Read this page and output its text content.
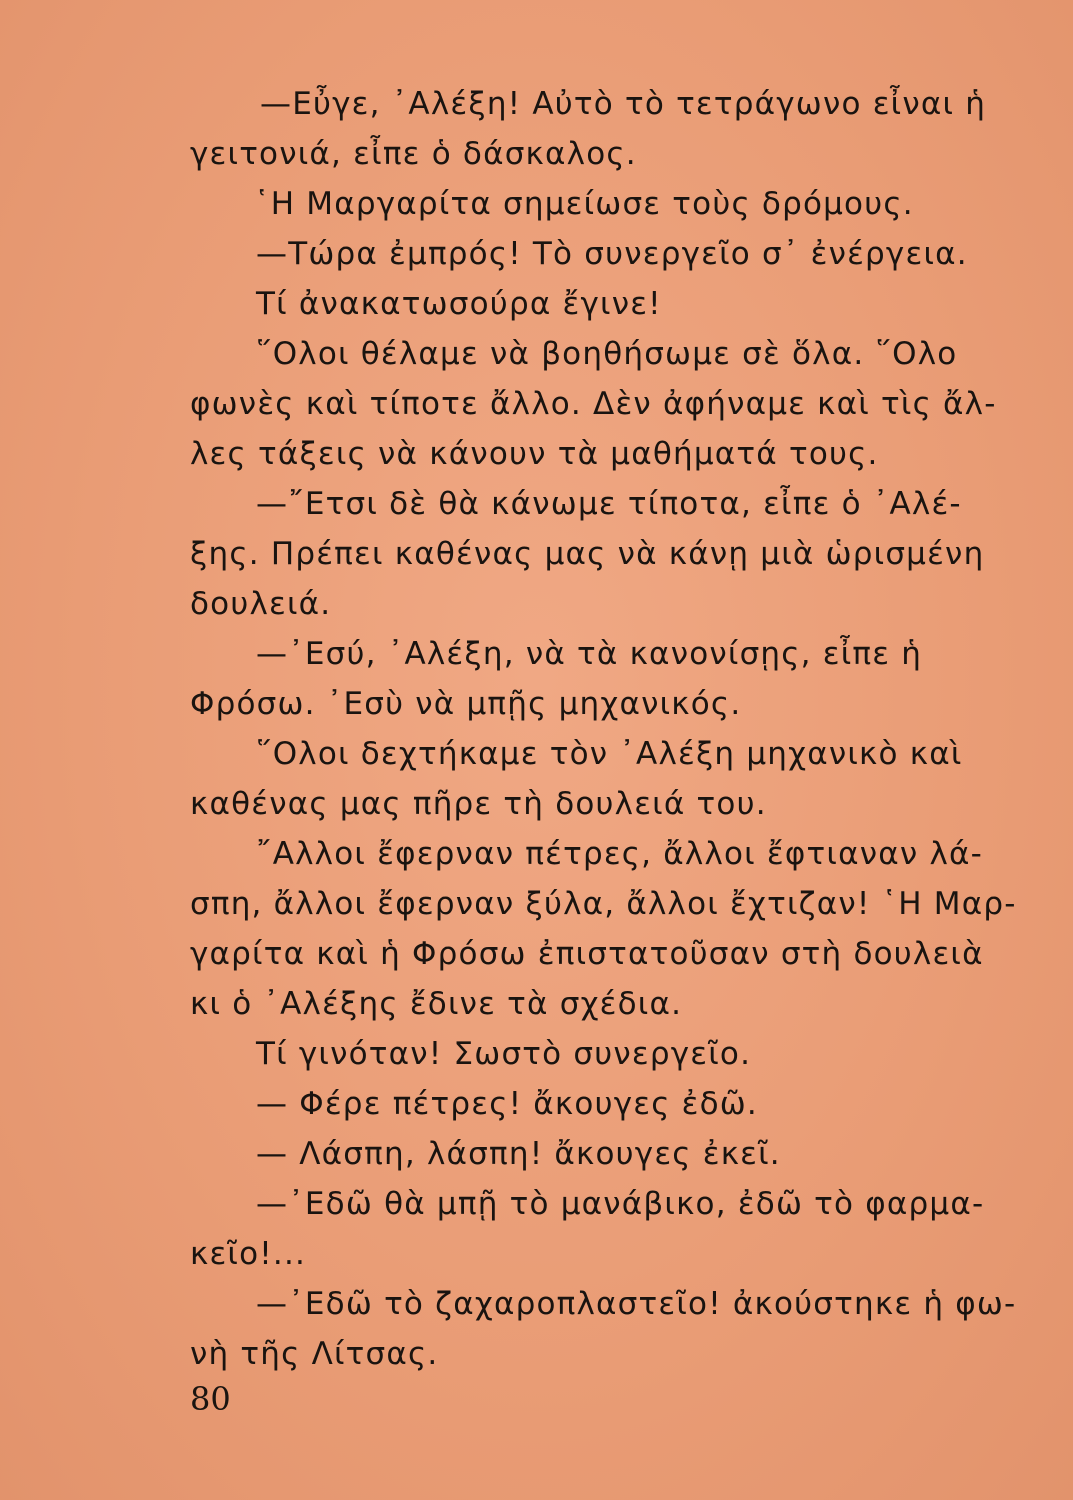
—Εὖγε, ᾿Αλέξη! Αὐτὸ τὸ τετράγωνο εἶναι ἡ
γειτονιά, εἶπε ὁ δάσκαλος.
῾Η Μαργαρίτα σημείωσε τοὺς δρόμους.
—Τώρα ἐμπρός! Τὸ συνεργεῖο σ᾿ ἐνέργεια.
Τί ἀνακατωσούρα ἔγινε!
῞Ολοι θέλαμε νὰ βοηθήσωμε σὲ ὅλα. ῞Ολο
φωνὲς καὶ τίποτε ἄλλο. Δὲν ἀφήναμε καὶ τὶς ἄλ-
λες τάξεις νὰ κάνουν τὰ μαθήματά τους.
—῎Ετσι δὲ θὰ κάνωμε τίποτα, εἶπε ὁ ᾿Αλέ-
ξης. Πρέπει καθένας μας νὰ κάνῃ μιὰ ὡρισμένη
δουλειά.
—᾿Εσύ, ᾿Αλέξη, νὰ τὰ κανονίσῃς, εἶπε ἡ
Φρόσω. ᾿Εσὺ νὰ μπῇς μηχανικός.
῞Ολοι δεχτήκαμε τὸν ᾿Αλέξη μηχανικὸ καὶ
καθένας μας πῆρε τὴ δουλειά του.
῎Αλλοι ἔφερναν πέτρες, ἄλλοι ἔφτιαναν λά-
σπη, ἄλλοι ἔφερναν ξύλα, ἄλλοι ἔχτιζαν! ῾Η Μαρ-
γαρίτα καὶ ἡ Φρόσω ἐπιστατοῦσαν στὴ δουλειὰ
κι ὁ ᾿Αλέξης ἔδινε τὰ σχέδια.
Τί γινόταν! Σωστὸ συνεργεῖο.
— Φέρε πέτρες! ἄκουγες ἐδῶ.
— Λάσπη, λάσπη! ἄκουγες ἐκεῖ.
—᾿Εδῶ θὰ μπῇ τὸ μανάβικο, ἐδῶ τὸ φαρμα-
κεῖο!...
—᾿Εδῶ τὸ ζαχαροπλαστεῖο! ἀκούστηκε ἡ φω-
νὴ τῆς Λίτσας.
80
